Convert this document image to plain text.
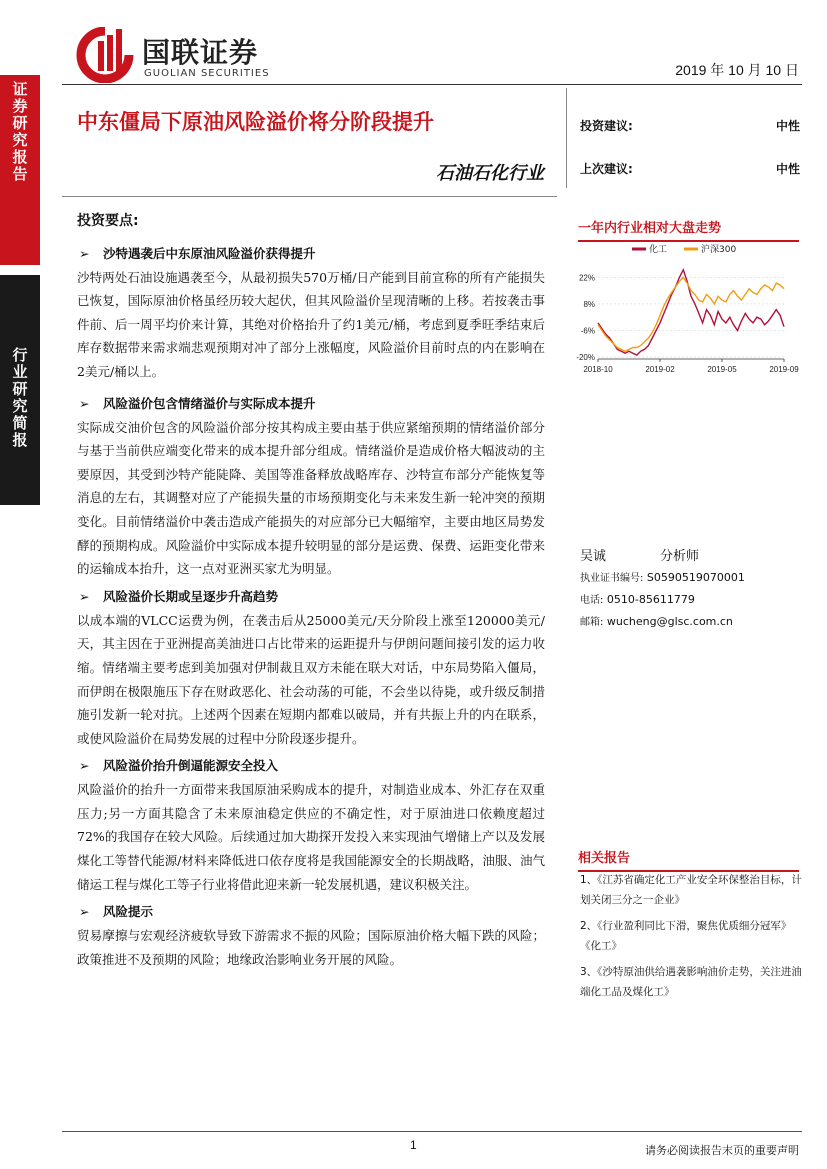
证
券
研
究
报
告
行
业
研
究
简
报
国联证券
GUOLIAN SECURITIES	2019 年 10 月 10 日
中东僵局下原油风险溢价将分阶段提升
石油石化行业
投资建议:	中性
上次建议:	中性
投资要点:
➢ 沙特遇袭后中东原油风险溢价获得提升
沙特两处石油设施遇袭至今，从最初损失570万桶/日产能到目前宣称的所有产能损失已恢复，国际原油价格虽经历较大起伏，但其风险溢价呈现清晰的上移。若按袭击事件前、后一周平均价来计算，其绝对价格抬升了约1美元/桶，考虑到夏季旺季结束后库存数据带来需求端悲观预期对冲了部分上涨幅度，风险溢价目前时点的内在影响在2美元/桶以上。
➢ 风险溢价包含情绪溢价与实际成本提升
实际成交油价包含的风险溢价部分按其构成主要由基于供应紧缩预期的情绪溢价部分与基于当前供应端变化带来的成本提升部分组成。情绪溢价是造成价格大幅波动的主要原因，其受到沙特产能陡降、美国等准备释放战略库存、沙特宣布部分产能恢复等消息的左右，其调整对应了产能损失量的市场预期变化与未来发生新一轮冲突的预期变化。目前情绪溢价中袭击造成产能损失的对应部分已大幅缩窄，主要由地区局势发酵的预期构成。风险溢价中实际成本提升较明显的部分是运费、保费、运距变化带来的运输成本抬升，这一点对亚洲买家尤为明显。
➢ 风险溢价长期或呈逐步升高趋势
以成本端的VLCC运费为例，在袭击后从25000美元/天分阶段上涨至120000美元/天，其主因在于亚洲提高美油进口占比带来的运距提升与伊朗问题间接引发的运力收缩。情绪端主要考虑到美加强对伊制裁且双方未能在联大对话，中东局势陷入僵局，而伊朗在极限施压下存在财政恶化、社会动荡的可能，不会坐以待毙，或升级反制措施引发新一轮对抗。上述两个因素在短期内都难以破局，并有共振上升的内在联系，或使风险溢价在局势发展的过程中分阶段逐步提升。
➢ 风险溢价抬升倒逼能源安全投入
风险溢价的抬升一方面带来我国原油采购成本的提升，对制造业成本、外汇存在双重压力;另一方面其隐含了未来原油稳定供应的不确定性，对于原油进口依赖度超过72%的我国存在较大风险。后续通过加大勘探开发投入来实现油气增储上产以及发展煤化工等替代能源/材料来降低进口依存度将是我国能源安全的长期战略，油服、油气储运工程与煤化工等子行业将借此迎来新一轮发展机遇，建议积极关注。
➢ 风险提示
贸易摩擦与宏观经济疲软导致下游需求不振的风险；国际原油价格大幅下跌的风险；政策推进不及预期的风险；地缘政治影响业务开展的风险。
一年内行业相对大盘走势
化工	沪深300
22%
8%
-6%
-20%
2018-10	2019-02	2019-05	2019-09
吴诚	分析师
执业证书编号: S0590519070001
电话: 0510-85611779
邮箱: wucheng@glsc.com.cn
相关报告
1、《江苏省确定化工产业安全环保整治目标，计划关闭三分之一企业》
2、《行业盈利同比下滑，聚焦优质细分冠军》《化工》
3、《沙特原油供给遇袭影响油价走势，关注进油端化工品及煤化工》
1	请务必阅读报告末页的重要声明
